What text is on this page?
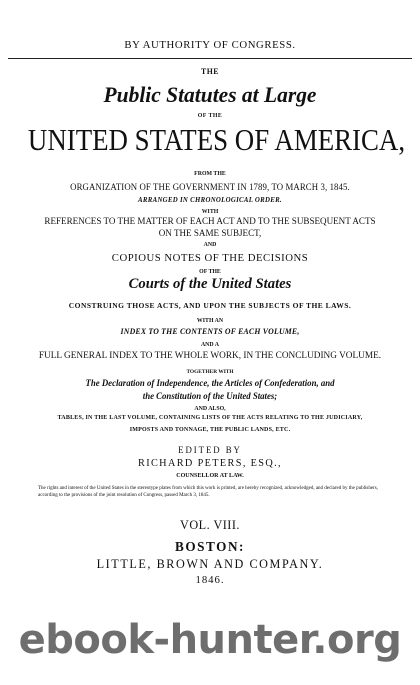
BY AUTHORITY OF CONGRESS.
THE
Public Statutes at Large
OF THE
UNITED STATES OF AMERICA,
FROM THE
ORGANIZATION OF THE GOVERNMENT IN 1789, TO MARCH 3, 1845.
ARRANGED IN CHRONOLOGICAL ORDER.
WITH
REFERENCES TO THE MATTER OF EACH ACT AND TO THE SUBSEQUENT ACTS
ON THE SAME SUBJECT,
AND
COPIOUS NOTES OF THE DECISIONS
OF THE
Courts of the United States
CONSTRUING THOSE ACTS, AND UPON THE SUBJECTS OF THE LAWS.
WITH AN
INDEX TO THE CONTENTS OF EACH VOLUME,
AND A
FULL GENERAL INDEX TO THE WHOLE WORK, IN THE CONCLUDING VOLUME.
TOGETHER WITH
The Declaration of Independence, the Articles of Confederation, and
the Constitution of the United States;
AND ALSO,
TABLES, IN THE LAST VOLUME, CONTAINING LISTS OF THE ACTS RELATING TO THE JUDICIARY,
IMPOSTS AND TONNAGE, THE PUBLIC LANDS, ETC.
EDITED BY
RICHARD PETERS, ESQ.,
COUNSELLOR AT LAW.
The rights and interest of the United States in the stereotype plates from which this work is printed, are hereby recognized, acknowledged, and declared by the publishers, according to the provisions of the joint resolution of Congress, passed March 3, 1845.
VOL. VIII.
BOSTON:
LITTLE, BROWN AND COMPANY.
1846.
ebook-hunter.org
